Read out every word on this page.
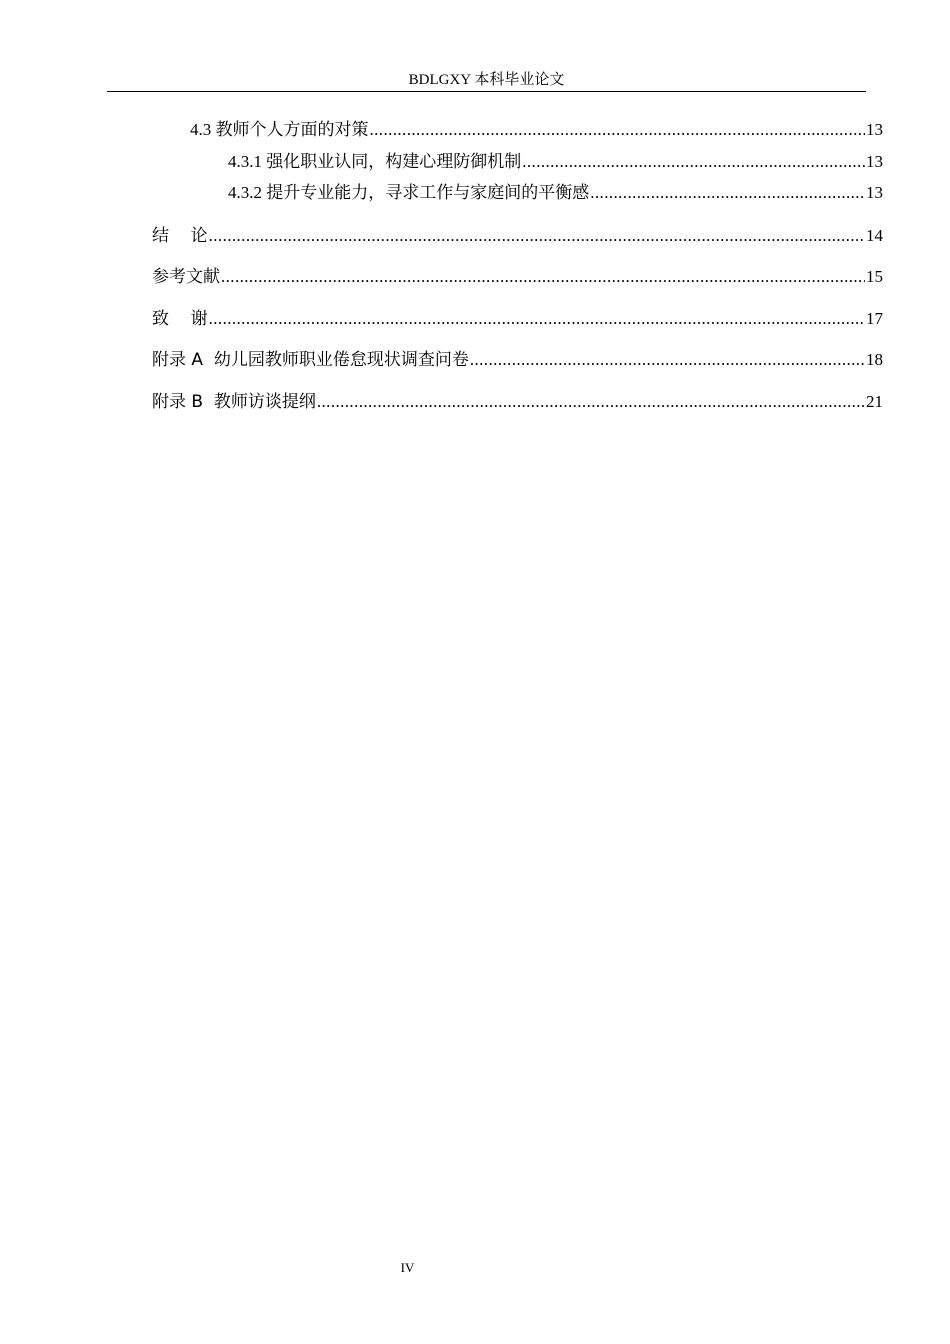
BDLGXY 本科毕业论文
4.3 教师个人方面的对策 .....	13
4.3.1 强化职业认同，构建心理防御机制 .....	13
4.3.2 提升专业能力，寻求工作与家庭间的平衡感 .....	13
结    论 .....	14
参考文献 .....	15
致    谢 .....	17
附录 A  幼儿园教师职业倦怠现状调查问卷 .....	18
附录 B  教师访谈提纲 .....	21
IV
